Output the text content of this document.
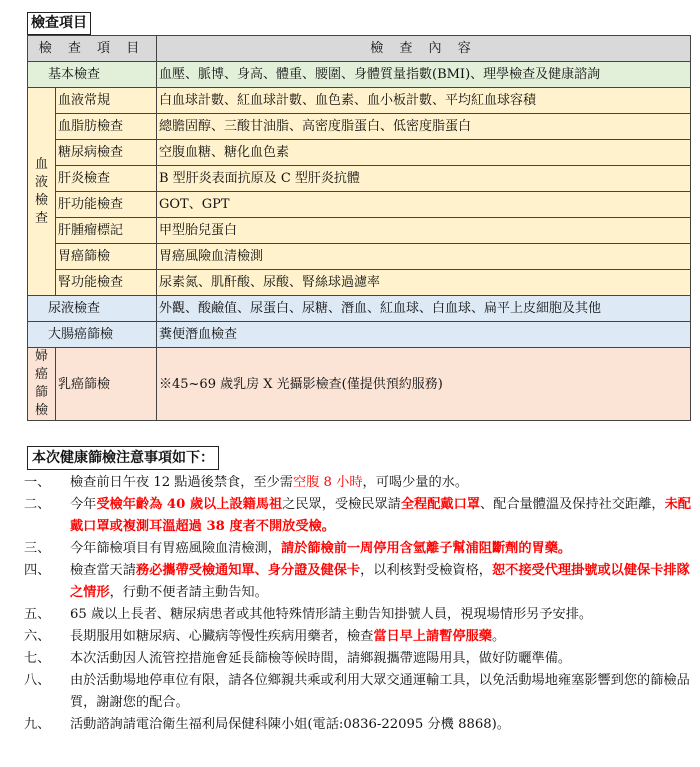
檢查項目
檢 查 項 目		檢 查 內 容
基本檢查		血壓、脈博、身高、體重、腰圍、身體質量指數(BMI)、理學檢查及健康諮詢

血液檢查	血液常規	白血球計數、紅血球計數、血色素、血小板計數、平均紅血球容積
	血脂肪檢查	總膽固醇、三酸甘油脂、高密度脂蛋白、低密度脂蛋白
	糖尿病檢查	空腹血糖、糖化血色素
	肝炎檢查	B 型肝炎表面抗原及 C 型肝炎抗體
	肝功能檢查	GOT、GPT
	肝腫瘤標記	甲型胎兒蛋白
	胃癌篩檢	胃癌風險血清檢測
	腎功能檢查	尿素氮、肌酐酸、尿酸、腎絲球過濾率
尿液檢查		外觀、酸鹼值、尿蛋白、尿糖、潛血、紅血球、白血球、扁平上皮細胞及其他
大腸癌篩檢		糞便潛血檢查

婦癌篩檢	乳癌篩檢	※45~69 歲乳房 X 光攝影檢查(僅提供預約服務)
本次健康篩檢注意事項如下：
一、	檢查前日午夜 12 點過後禁食，至少需空腹 8 小時，可喝少量的水。
二、	今年受檢年齡為 40 歲以上設籍馬祖之民眾，受檢民眾請全程配戴口罩、配合量體溫及保持社交距離，未配戴口罩或複測耳溫超過 38 度者不開放受檢。
三、	今年篩檢項目有胃癌風險血清檢測，請於篩檢前一周停用含氫離子幫浦阻斷劑的胃藥。
四、	檢查當天請務必攜帶受檢通知單、身分證及健保卡，以利核對受檢資格，恕不接受代理掛號或以健保卡排隊之情形，行動不便者請主動告知。
五、	65 歲以上長者、糖尿病患者或其他特殊情形請主動告知掛號人員，視現場情形另予安排。
六、	長期服用如糖尿病、心臟病等慢性疾病用藥者，檢查當日早上請暫停服藥。
七、	本次活動因人流管控措施會延長篩檢等候時間，請鄉親攜帶遮陽用具，做好防曬準備。
八、	由於活動場地停車位有限，請各位鄉親共乘或利用大眾交通運輸工具，以免活動場地雍塞影響到您的篩檢品質，謝謝您的配合。
九、	活動諮詢請電洽衛生福利局保健科陳小姐(電話:0836-22095 分機 8868)。
